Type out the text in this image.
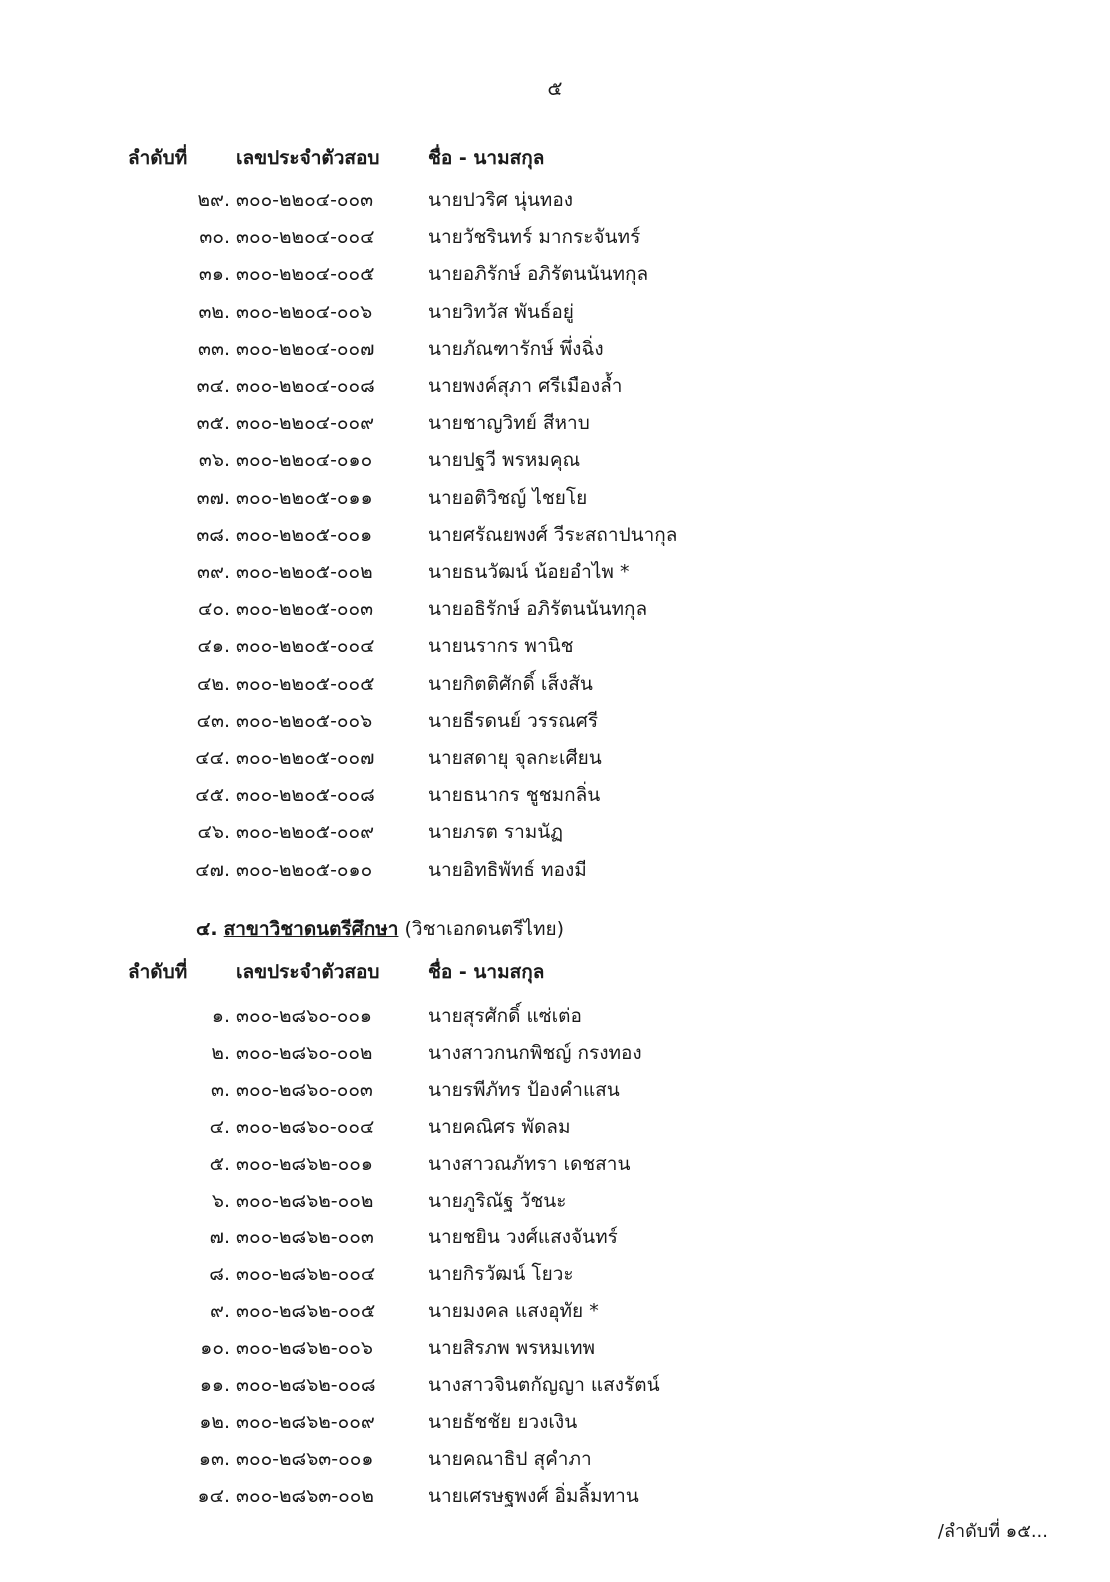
๕
ลำดับที่	เลขประจำตัวสอบ	ชื่อ - นามสกุล
๒๙. ๓๐๐-๒๒๐๔-๐๐๓	นายปวริศ นุ่นทอง
๓๐. ๓๐๐-๒๒๐๔-๐๐๔	นายวัชรินทร์ มากระจันทร์
๓๑. ๓๐๐-๒๒๐๔-๐๐๕	นายอภิรักษ์ อภิรัตนนันทกุล
๓๒. ๓๐๐-๒๒๐๔-๐๐๖	นายวิทวัส พันธ์อยู่
๓๓. ๓๐๐-๒๒๐๔-๐๐๗	นายภัณฑารักษ์ พึ่งฉิ่ง
๓๔. ๓๐๐-๒๒๐๔-๐๐๘	นายพงค์สุภา ศรีเมืองล้ำ
๓๕. ๓๐๐-๒๒๐๔-๐๐๙	นายชาญวิทย์ สีหาบ
๓๖. ๓๐๐-๒๒๐๔-๐๑๐	นายปฐวี พรหมคุณ
๓๗. ๓๐๐-๒๒๐๕-๐๑๑	นายอติวิชญ์ ไชยโย
๓๘. ๓๐๐-๒๒๐๕-๐๐๑	นายศรัณยพงศ์ วีระสถาปนากุล
๓๙. ๓๐๐-๒๒๐๕-๐๐๒	นายธนวัฒน์ น้อยอำไพ *
๔๐. ๓๐๐-๒๒๐๕-๐๐๓	นายอธิรักษ์ อภิรัตนนันทกุล
๔๑. ๓๐๐-๒๒๐๕-๐๐๔	นายนรากร พานิช
๔๒. ๓๐๐-๒๒๐๕-๐๐๕	นายกิตติศักดิ์ เส็งสัน
๔๓. ๓๐๐-๒๒๐๕-๐๐๖	นายธีรดนย์ วรรณศรี
๔๔. ๓๐๐-๒๒๐๕-๐๐๗	นายสดายุ จุลกะเศียน
๔๕. ๓๐๐-๒๒๐๕-๐๐๘	นายธนากร ชูชมกลิ่น
๔๖. ๓๐๐-๒๒๐๕-๐๐๙	นายภรต รามนัฏ
๔๗. ๓๐๐-๒๒๐๕-๐๑๐	นายอิทธิพัทธ์ ทองมี
๔. สาขาวิชาดนตรีศึกษา (วิชาเอกดนตรีไทย)
ลำดับที่	เลขประจำตัวสอบ	ชื่อ - นามสกุล
๑. ๓๐๐-๒๘๖๐-๐๐๑	นายสุรศักดิ์ แซ่เต่อ
๒. ๓๐๐-๒๘๖๐-๐๐๒	นางสาวกนกพิชญ์ กรงทอง
๓. ๓๐๐-๒๘๖๐-๐๐๓	นายรพีภัทร ป้องคำแสน
๔. ๓๐๐-๒๘๖๐-๐๐๔	นายคณิศร พัดลม
๕. ๓๐๐-๒๘๖๒-๐๐๑	นางสาวณภัทรา เดชสาน
๖. ๓๐๐-๒๘๖๒-๐๐๒	นายภูริณัฐ วัชนะ
๗. ๓๐๐-๒๘๖๒-๐๐๓	นายชยิน วงศ์แสงจันทร์
๘. ๓๐๐-๒๘๖๒-๐๐๔	นายกิรวัฒน์ โยวะ
๙. ๓๐๐-๒๘๖๒-๐๐๕	นายมงคล แสงอุทัย *
๑๐. ๓๐๐-๒๘๖๒-๐๐๖	นายสิรภพ พรหมเทพ
๑๑. ๓๐๐-๒๘๖๒-๐๐๘	นางสาวจินตกัญญา แสงรัตน์
๑๒. ๓๐๐-๒๘๖๒-๐๐๙	นายธัชชัย ยวงเงิน
๑๓. ๓๐๐-๒๘๖๓-๐๐๑	นายคณาธิป สุคำภา
๑๔. ๓๐๐-๒๘๖๓-๐๐๒	นายเศรษฐพงศ์ อิ่มลิ้มทาน
/ลำดับที่ ๑๕...
